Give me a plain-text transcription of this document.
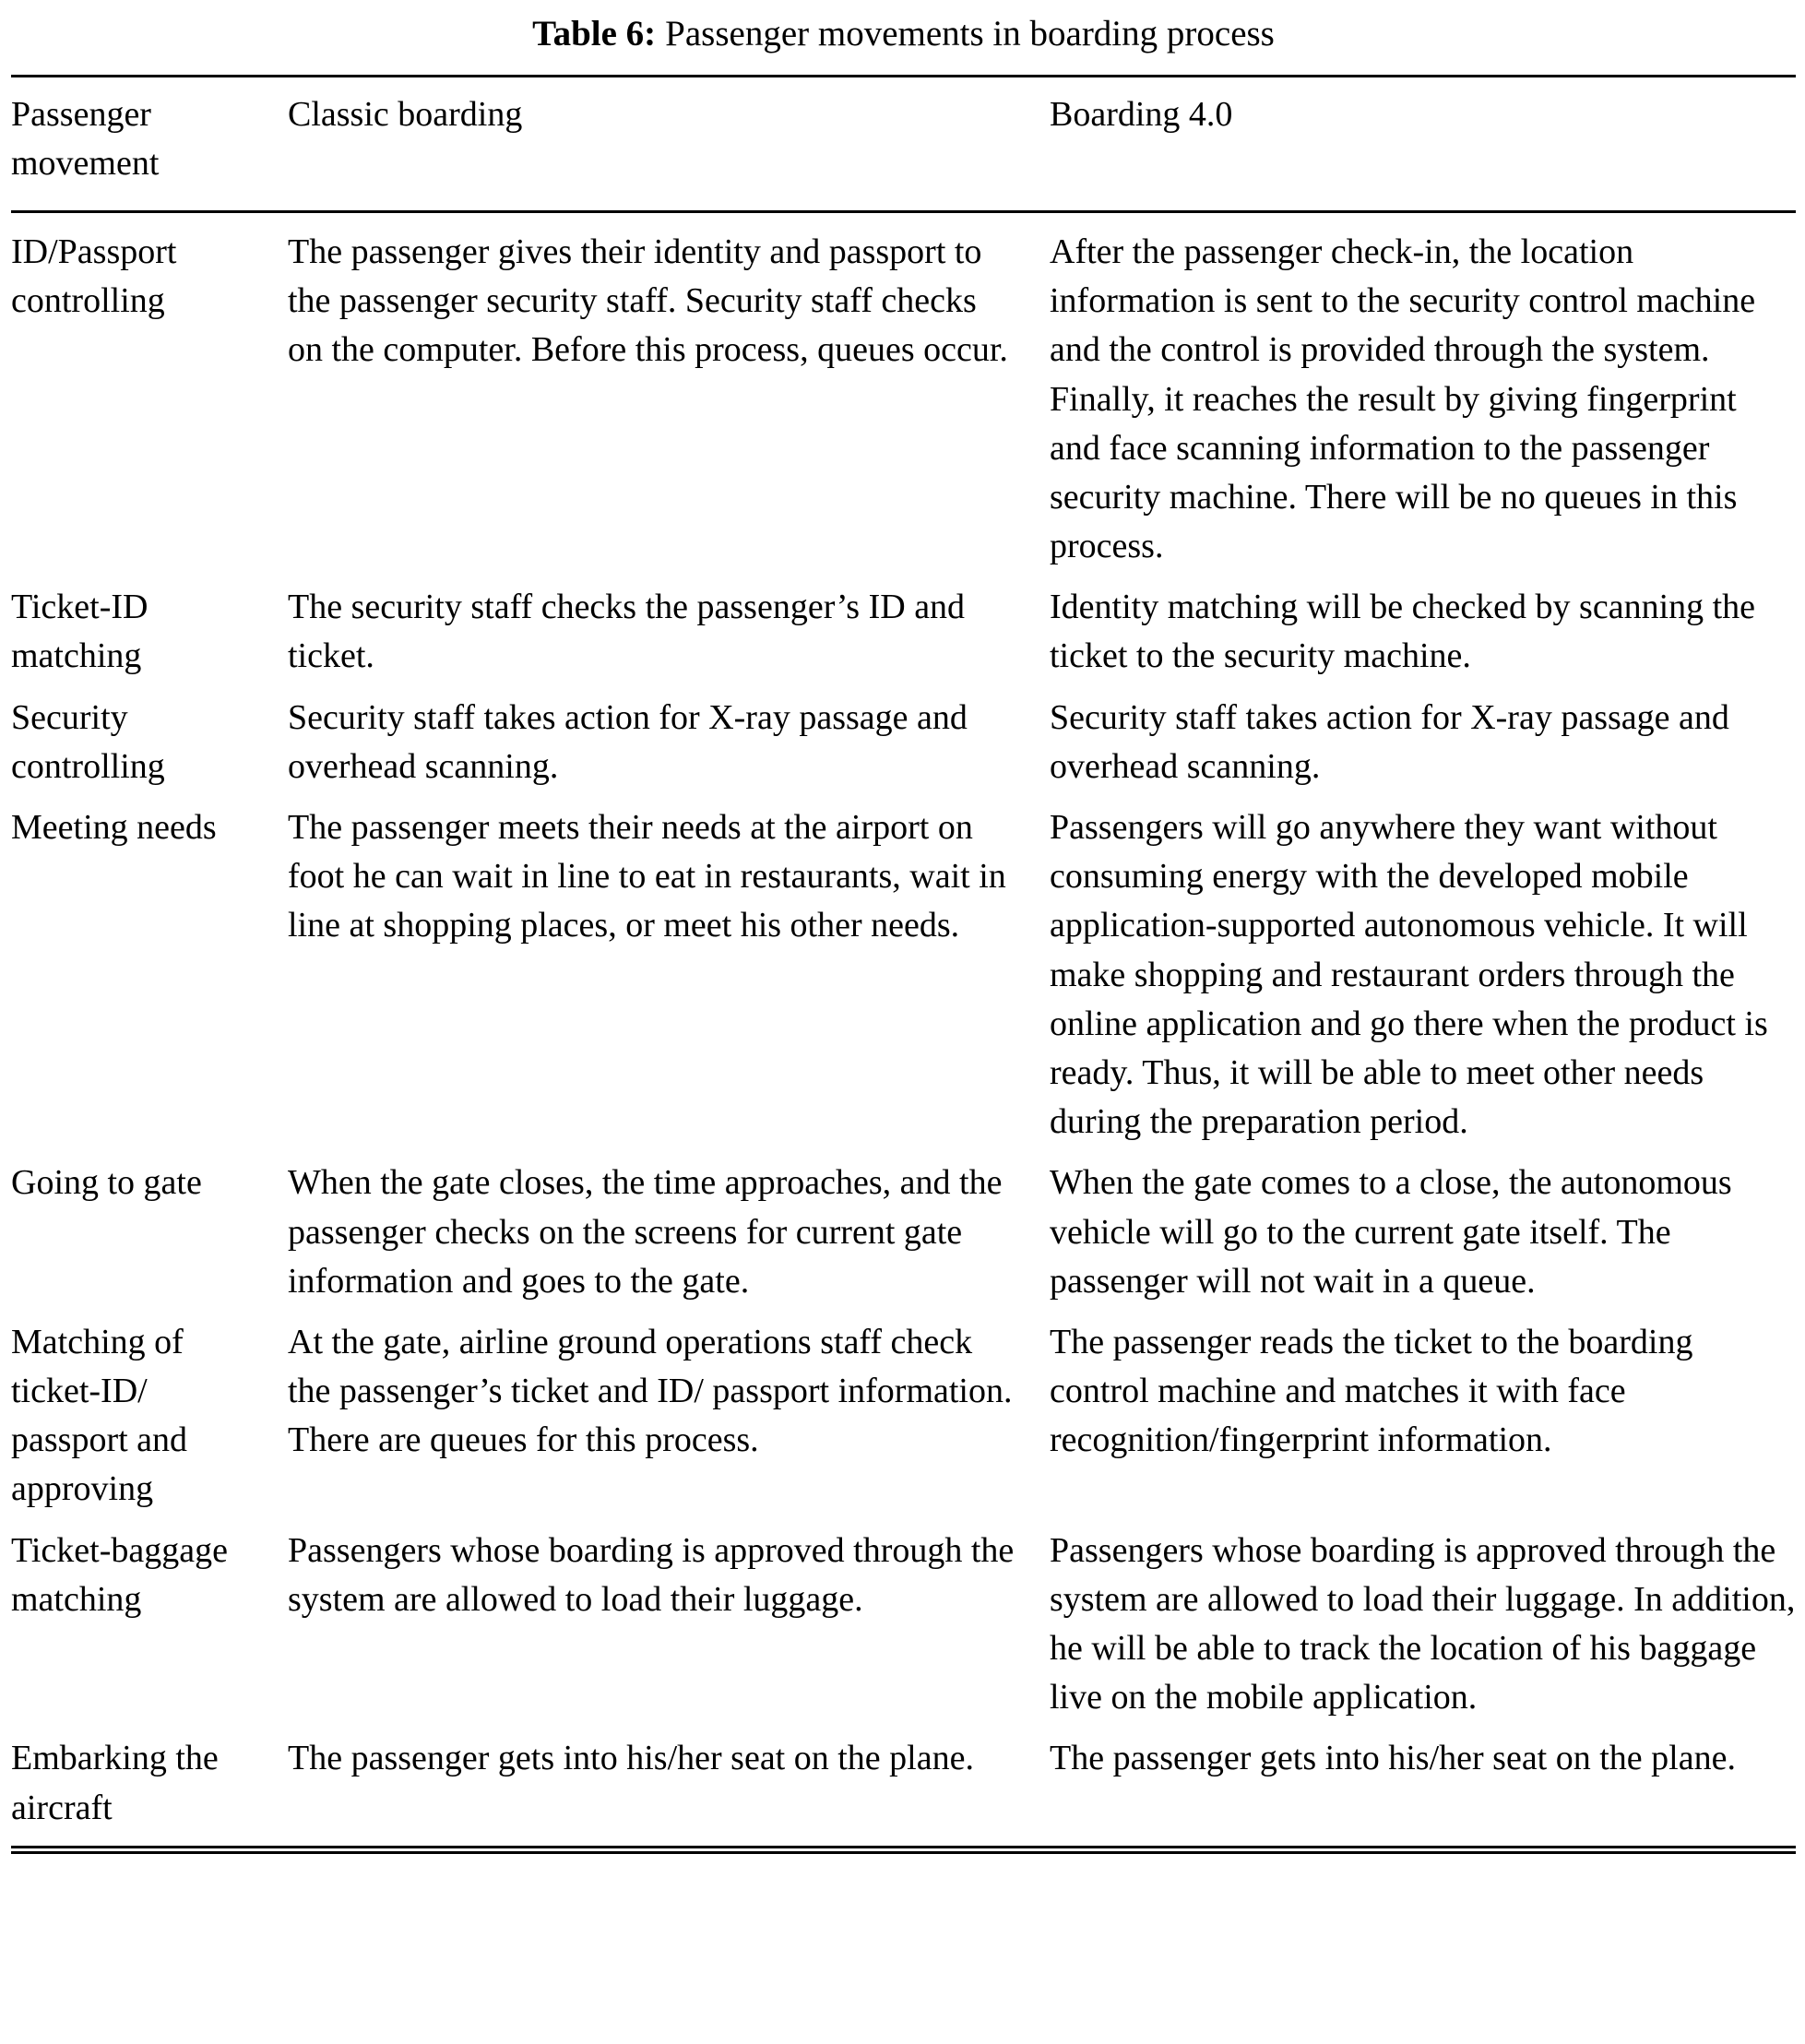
Table 6: Passenger movements in boarding process
Passenger movement	Classic boarding	Boarding 4.0
ID/Passport controlling	The passenger gives their identity and passport to the passenger security staff. Security staff checks on the computer. Before this process, queues occur.	After the passenger check-in, the location information is sent to the security control machine and the control is provided through the system. Finally, it reaches the result by giving fingerprint and face scanning information to the passenger security machine. There will be no queues in this process.
Ticket-ID matching	The security staff checks the passenger’s ID and ticket.	Identity matching will be checked by scanning the ticket to the security machine.
Security controlling	Security staff takes action for X-ray passage and overhead scanning.	Security staff takes action for X-ray passage and overhead scanning.
Meeting needs	The passenger meets their needs at the airport on foot he can wait in line to eat in restaurants, wait in line at shopping places, or meet his other needs.	Passengers will go anywhere they want without consuming energy with the developed mobile application-supported autonomous vehicle. It will make shopping and restaurant orders through the online application and go there when the product is ready. Thus, it will be able to meet other needs during the preparation period.
Going to gate	When the gate closes, the time approaches, and the passenger checks on the screens for current gate information and goes to the gate.	When the gate comes to a close, the autonomous vehicle will go to the current gate itself. The passenger will not wait in a queue.
Matching of ticket-ID/ passport and approving	At the gate, airline ground operations staff check the passenger’s ticket and ID/ passport information. There are queues for this process.	The passenger reads the ticket to the boarding control machine and matches it with face recognition/fingerprint information.
Ticket-baggage matching	Passengers whose boarding is approved through the system are allowed to load their luggage.	Passengers whose boarding is approved through the system are allowed to load their luggage. In addition, he will be able to track the location of his baggage live on the mobile application.
Embarking the aircraft	The passenger gets into his/her seat on the plane.	The passenger gets into his/her seat on the plane.
